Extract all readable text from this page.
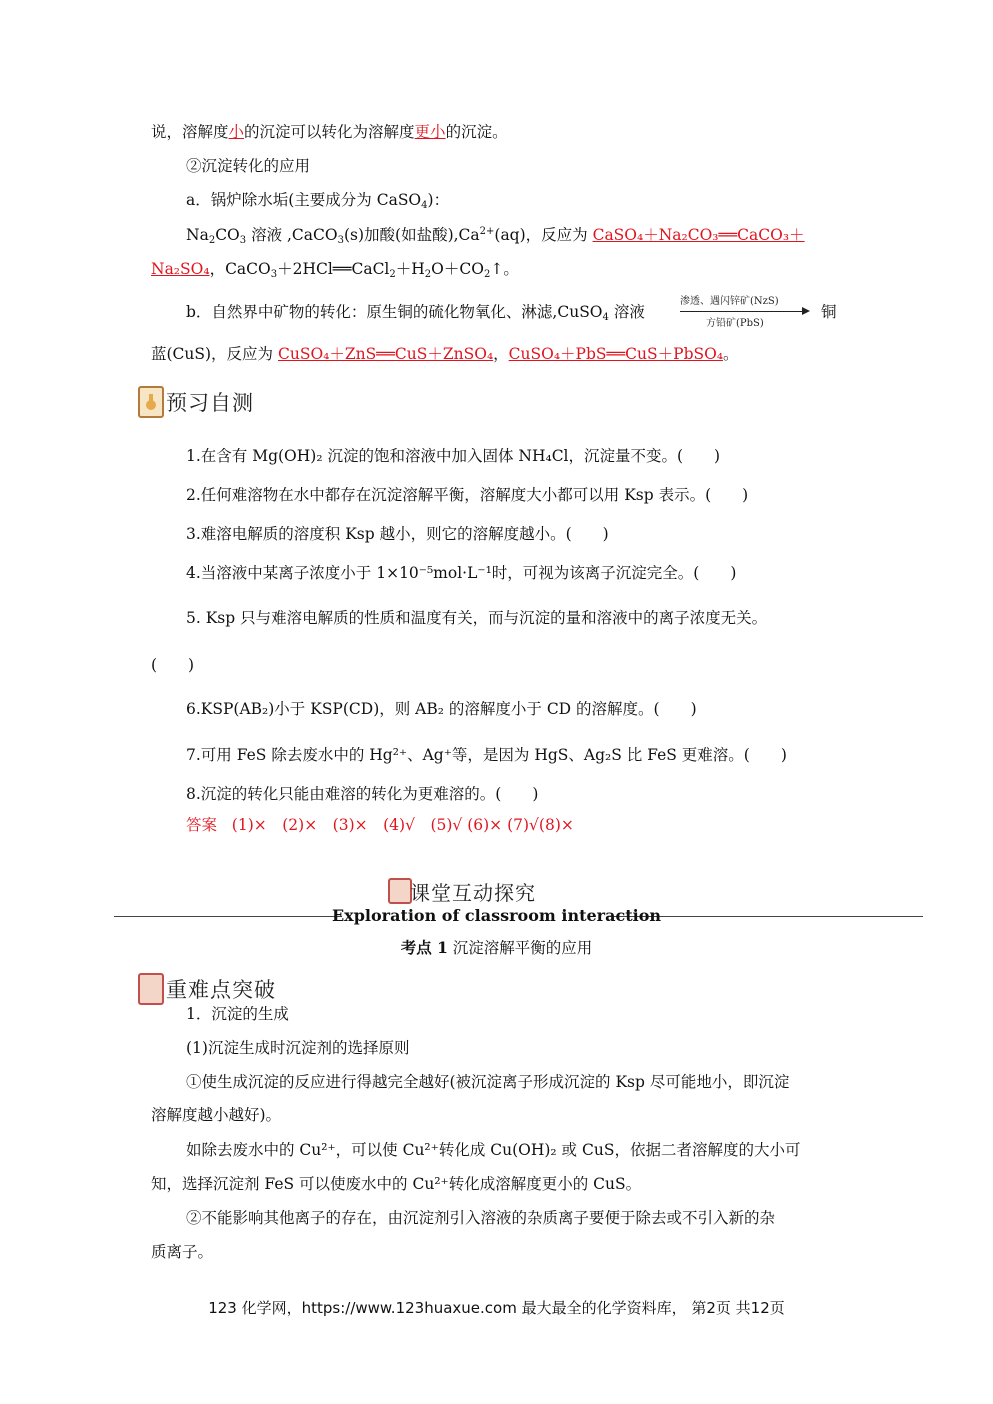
说，溶解度小的沉淀可以转化为溶解度更小的沉淀。
②沉淀转化的应用
a．锅炉除水垢(主要成分为 CaSO$_4$)：
$Na_2CO_3$ 溶液 ,CaCO$_3$(s)加酸(如盐酸)$,Ca^{2+}(aq)$，反应为 CaSO₄＋Na₂CO₃══CaCO₃＋
Na₂SO₄，$CaCO_3+2HCl══CaCl_2+H_2O+CO_2↑$。
b．自然界中矿物的转化：原生铜的硫化物氧化、淋滤,CuSO$_4$ 溶液
渗透、遇闪锌矿(NzS)
方铅矿(PbS)
铜
蓝(CuS)，反应为 CuSO₄＋ZnS══CuS＋ZnSO₄，CuSO₄＋PbS══CuS＋PbSO₄。
预习自测
1.在含有 Mg(OH)₂ 沉淀的饱和溶液中加入固体 NH₄Cl，沉淀量不变。(　　)
2.任何难溶物在水中都存在沉淀溶解平衡，溶解度大小都可以用 Ksp 表示。(　　)
3.难溶电解质的溶度积 Ksp 越小，则它的溶解度越小。(　　)
4.当溶液中某离子浓度小于 1×10⁻⁵mol·L⁻¹时，可视为该离子沉淀完全。(　　)
5. Ksp 只与难溶电解质的性质和温度有关，而与沉淀的量和溶液中的离子浓度无关。
(　　)
6.KSP(AB₂)小于 KSP(CD)，则 AB₂ 的溶解度小于 CD 的溶解度。(　　)
7.可用 FeS 除去废水中的 Hg²⁺、Ag⁺等，是因为 HgS、Ag₂S 比 FeS 更难溶。(　　)
8.沉淀的转化只能由难溶的转化为更难溶的。(　　)
答案 (1)×　(2)×　(3)×　(4)√　(5)√ (6)× (7)√(8)×
课堂互动探究
Exploration of classroom interaction
考点 1 沉淀溶解平衡的应用
重难点突破
1．沉淀的生成
(1)沉淀生成时沉淀剂的选择原则
①使生成沉淀的反应进行得越完全越好(被沉淀离子形成沉淀的 Ksp 尽可能地小，即沉淀
溶解度越小越好)。
如除去废水中的 Cu²⁺，可以使 Cu²⁺转化成 Cu(OH)₂ 或 CuS，依据二者溶解度的大小可
知，选择沉淀剂 FeS 可以使废水中的 Cu²⁺转化成溶解度更小的 CuS。
②不能影响其他离子的存在，由沉淀剂引入溶液的杂质离子要便于除去或不引入新的杂
质离子。
123 化学网，https://www.123huaxue.com 最大最全的化学资料库， 第2页 共12页
